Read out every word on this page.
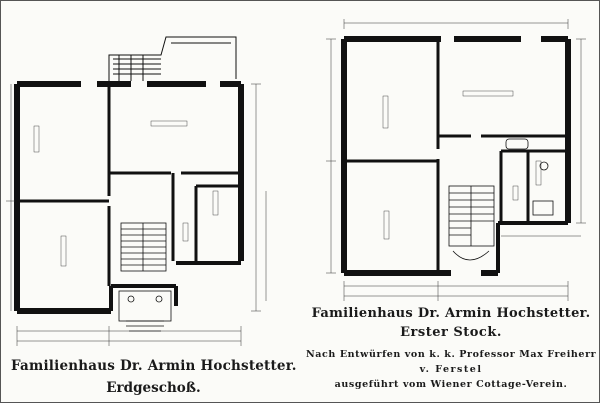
Familienhaus Dr. Armin Hochstetter.
Erdgeschoß.
Familienhaus Dr. Armin Hochstetter.
Erster Stock.
Nach Entwürfen von k. k. Professor Max Freiherr
v. Ferstel
ausgeführt vom Wiener Cottage-Verein.
